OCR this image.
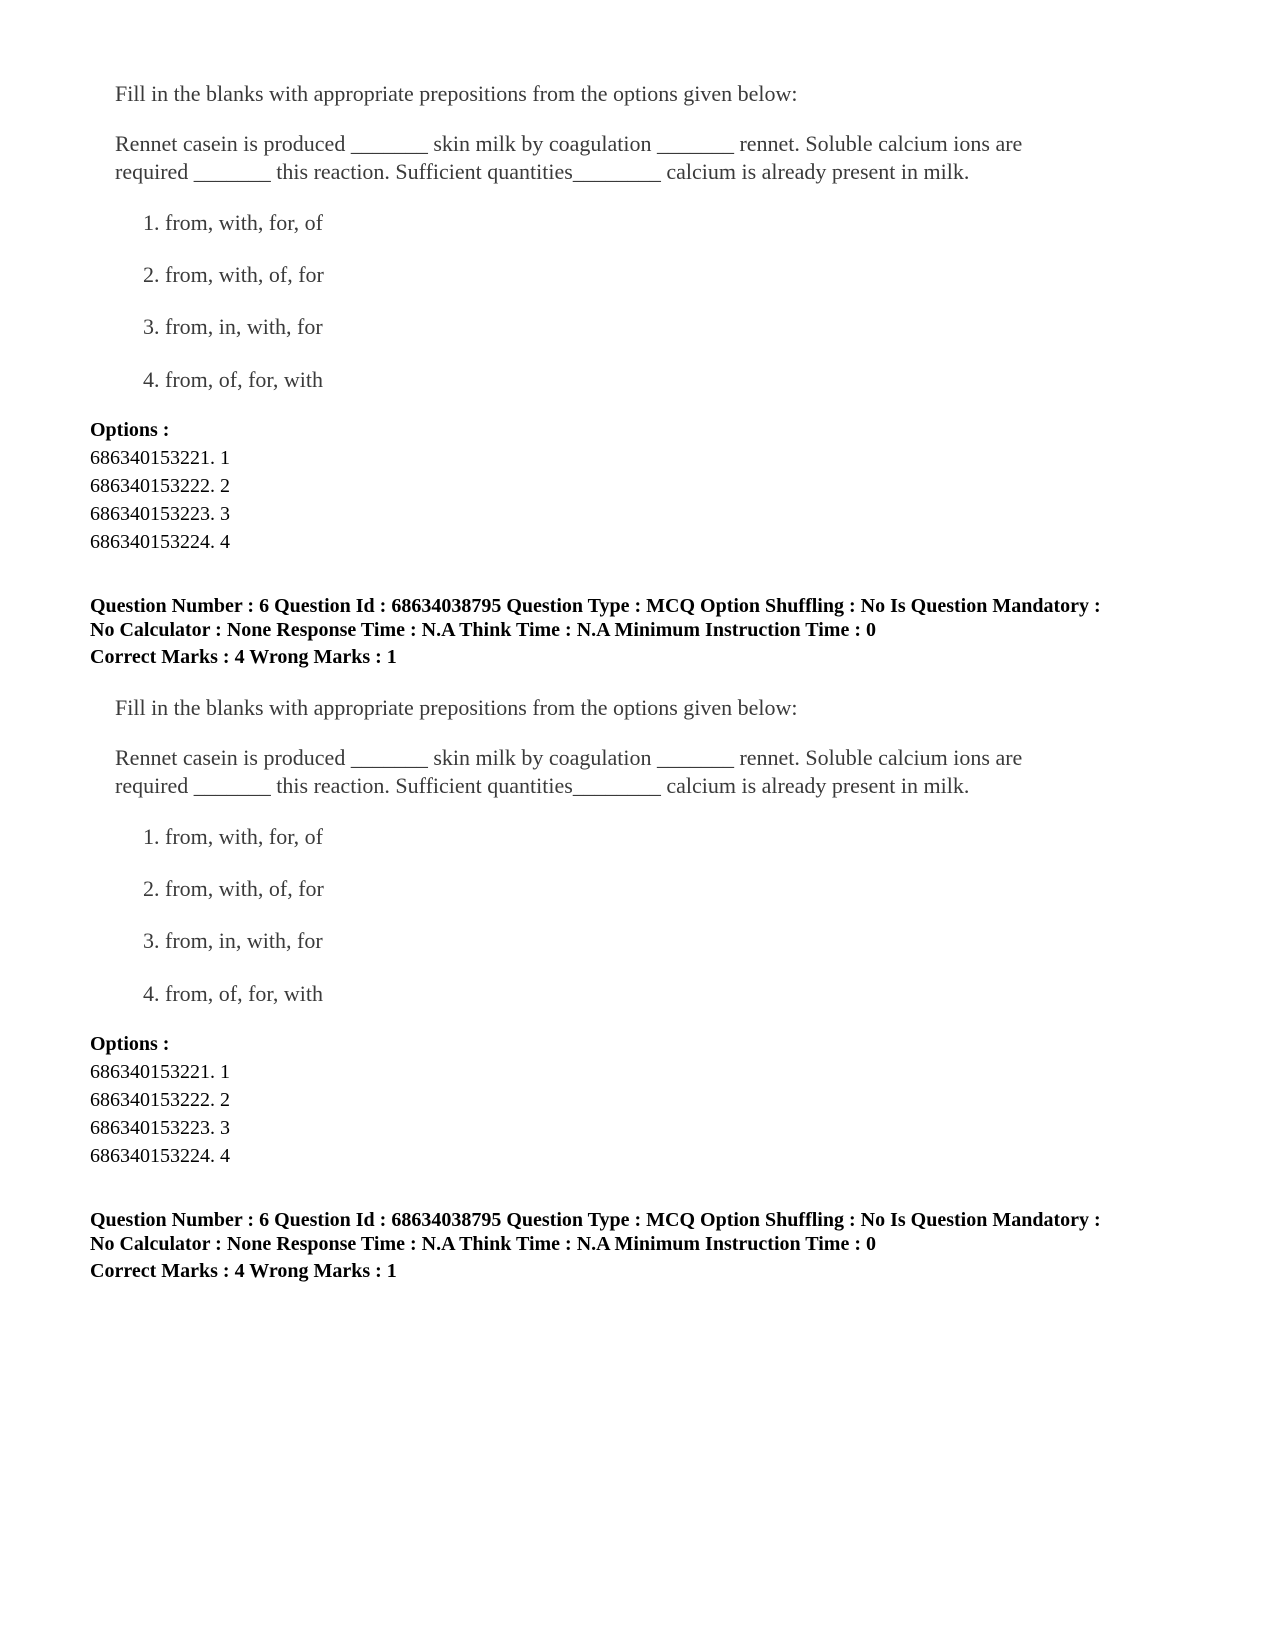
Fill in the blanks with appropriate prepositions from the options given below:
Rennet casein is produced _______ skin milk by coagulation _______ rennet. Soluble calcium ions are
required _______ this reaction. Sufficient quantities________ calcium is already present in milk.
1. from, with, for, of
2. from, with, of, for
3. from, in, with, for
4. from, of, for, with
Options :
686340153221. 1
686340153222. 2
686340153223. 3
686340153224. 4
Question Number : 6 Question Id : 68634038795 Question Type : MCQ Option Shuffling : No Is Question Mandatory :
No Calculator : None Response Time : N.A Think Time : N.A Minimum Instruction Time : 0
Correct Marks : 4 Wrong Marks : 1
Fill in the blanks with appropriate prepositions from the options given below:
Rennet casein is produced _______ skin milk by coagulation _______ rennet. Soluble calcium ions are
required _______ this reaction. Sufficient quantities________ calcium is already present in milk.
1. from, with, for, of
2. from, with, of, for
3. from, in, with, for
4. from, of, for, with
Options :
686340153221. 1
686340153222. 2
686340153223. 3
686340153224. 4
Question Number : 6 Question Id : 68634038795 Question Type : MCQ Option Shuffling : No Is Question Mandatory :
No Calculator : None Response Time : N.A Think Time : N.A Minimum Instruction Time : 0
Correct Marks : 4 Wrong Marks : 1
